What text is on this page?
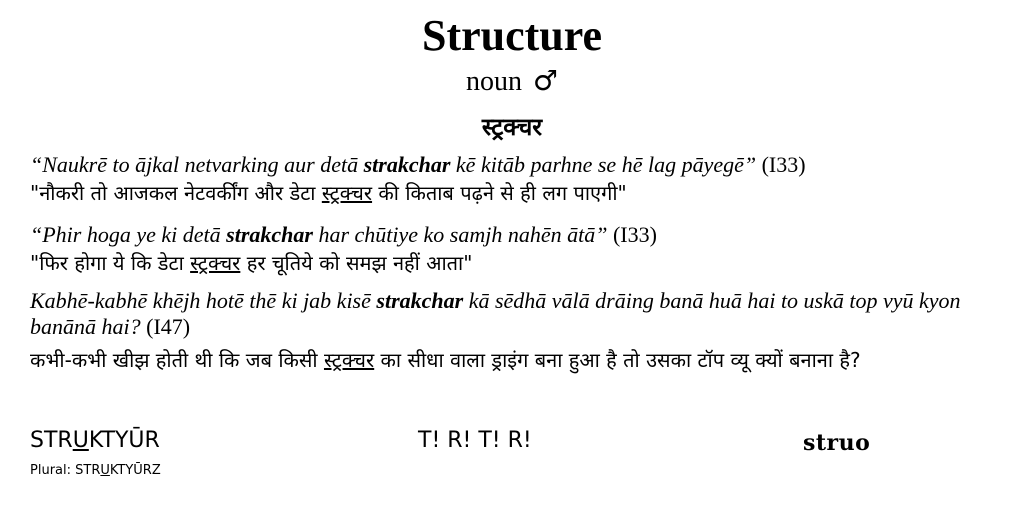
Structure
noun ♂
स्ट्रक्चर
“Naukrē to ājkal netvarking aur detā strakchar kē kitāb parhne se hē lag pāyegē” (I33)
"नौकरी तो आजकल नेटवर्कींग और डेटा स्ट्रक्चर की किताब पढ़ने से ही लग पाएगी"
“Phir hoga ye ki detā strakchar har chūtiye ko samjh nahēn ātā” (I33)
"फिर होगा ये कि डेटा स्ट्रक्चर हर चूतिये को समझ नहीं आता"
Kabhē-kabhē khējh hotē thē ki jab kisē strakchar kā sēdhā vālā drāing banā huā hai to uskā top vyū kyon banānā hai? (I47)
कभी-कभी खीझ होती थी कि जब किसी स्ट्रक्चर का सीधा वाला ड्राइंग बना हुआ है तो उसका टॉप व्यू क्यों बनाना है?
STRUKTYŪR
Plural: STRUKTYŪRZ
T! R! T! R!	struo
